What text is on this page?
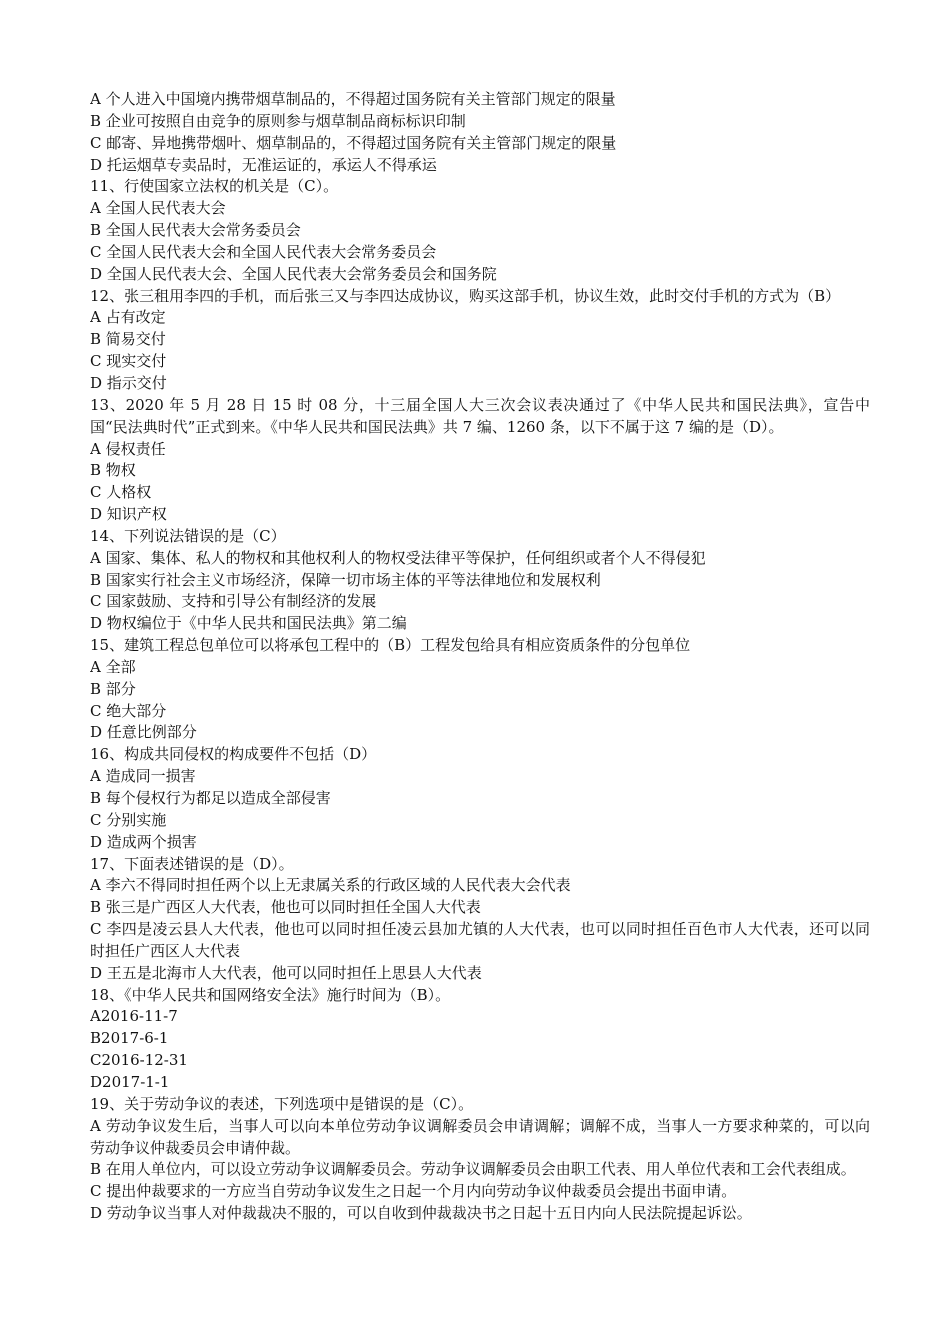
A 个人进入中国境内携带烟草制品的，不得超过国务院有关主管部门规定的限量
B 企业可按照自由竞争的原则参与烟草制品商标标识印制
C 邮寄、异地携带烟叶、烟草制品的，不得超过国务院有关主管部门规定的限量
D 托运烟草专卖品时，无准运证的，承运人不得承运
11、行使国家立法权的机关是（C）。
A 全国人民代表大会
B 全国人民代表大会常务委员会
C 全国人民代表大会和全国人民代表大会常务委员会
D 全国人民代表大会、全国人民代表大会常务委员会和国务院
12、张三租用李四的手机，而后张三又与李四达成协议，购买这部手机，协议生效，此时交付手机的方式为（B）
A 占有改定
B 简易交付
C 现实交付
D 指示交付
13、2020 年 5 月 28 日 15 时 08 分，十三届全国人大三次会议表决通过了《中华人民共和国民法典》，宣告中国“民法典时代”正式到来。《中华人民共和国民法典》共 7 编、1260 条，以下不属于这 7 编的是（D）。
A 侵权责任
B 物权
C 人格权
D 知识产权
14、下列说法错误的是（C）
A 国家、集体、私人的物权和其他权利人的物权受法律平等保护，任何组织或者个人不得侵犯
B 国家实行社会主义市场经济，保障一切市场主体的平等法律地位和发展权利
C 国家鼓励、支持和引导公有制经济的发展
D 物权编位于《中华人民共和国民法典》第二编
15、建筑工程总包单位可以将承包工程中的（B）工程发包给具有相应资质条件的分包单位
A 全部
B 部分
C 绝大部分
D 任意比例部分
16、构成共同侵权的构成要件不包括（D）
A 造成同一损害
B 每个侵权行为都足以造成全部侵害
C 分别实施
D 造成两个损害
17、下面表述错误的是（D）。
A 李六不得同时担任两个以上无隶属关系的行政区域的人民代表大会代表
B 张三是广西区人大代表，他也可以同时担任全国人大代表
C 李四是凌云县人大代表，他也可以同时担任凌云县加尤镇的人大代表，也可以同时担任百色市人大代表，还可以同时担任广西区人大代表
D 王五是北海市人大代表，他可以同时担任上思县人大代表
18、《中华人民共和国网络安全法》施行时间为（B）。
A2016-11-7
B2017-6-1
C2016-12-31
D2017-1-1
19、关于劳动争议的表述，下列选项中是错误的是（C）。
A 劳动争议发生后，当事人可以向本单位劳动争议调解委员会申请调解；调解不成，当事人一方要求种菜的，可以向劳动争议仲裁委员会申请仲裁。
B 在用人单位内，可以设立劳动争议调解委员会。劳动争议调解委员会由职工代表、用人单位代表和工会代表组成。
C 提出仲裁要求的一方应当自劳动争议发生之日起一个月内向劳动争议仲裁委员会提出书面申请。
D 劳动争议当事人对仲裁裁决不服的，可以自收到仲裁裁决书之日起十五日内向人民法院提起诉讼。
